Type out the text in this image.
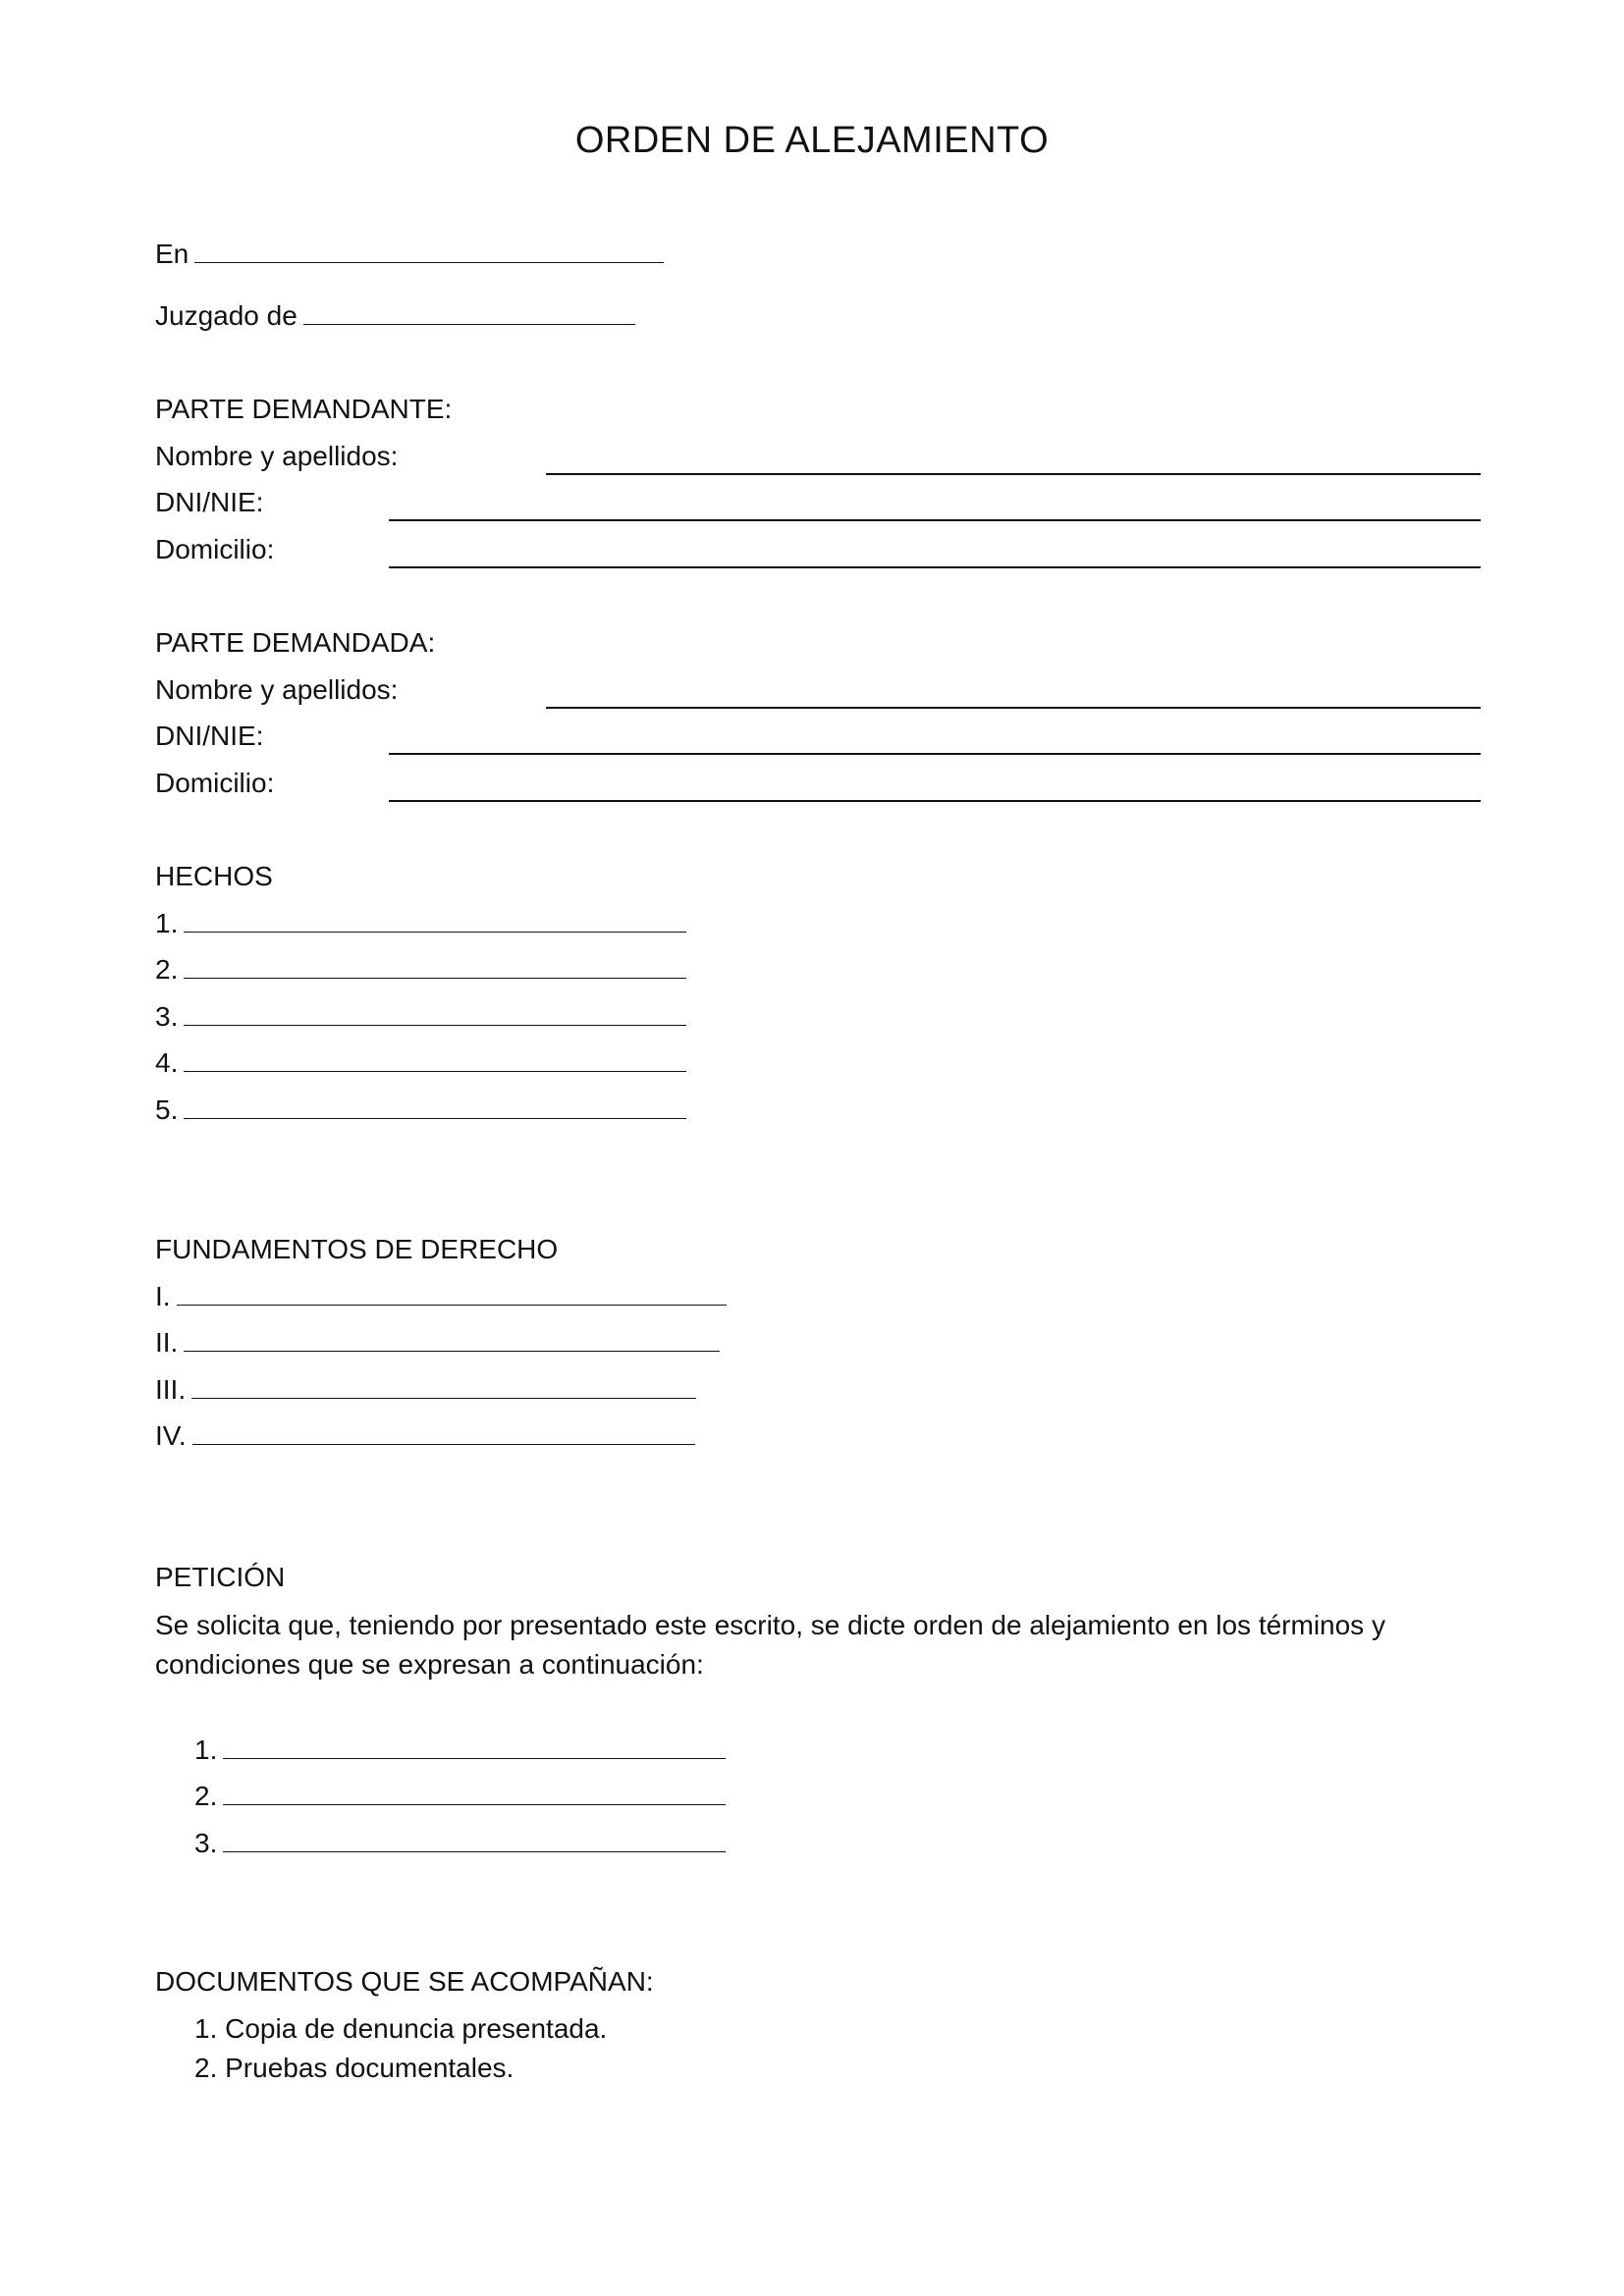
ORDEN DE ALEJAMIENTO
En
Juzgado de
PARTE DEMANDANTE:
Nombre y apellidos:
DNI/NIE:
Domicilio:
PARTE DEMANDADA:
Nombre y apellidos:
DNI/NIE:
Domicilio:
HECHOS
1.
2.
3.
4.
5.
FUNDAMENTOS DE DERECHO
I.
II.
III.
IV.
PETICIÓN
Se solicita que, teniendo por presentado este escrito, se dicte orden de alejamiento en los términos y condiciones que se expresan a continuación:
1.
2.
3.
DOCUMENTOS QUE SE ACOMPAÑAN:
1. Copia de denuncia presentada.
2. Pruebas documentales.
